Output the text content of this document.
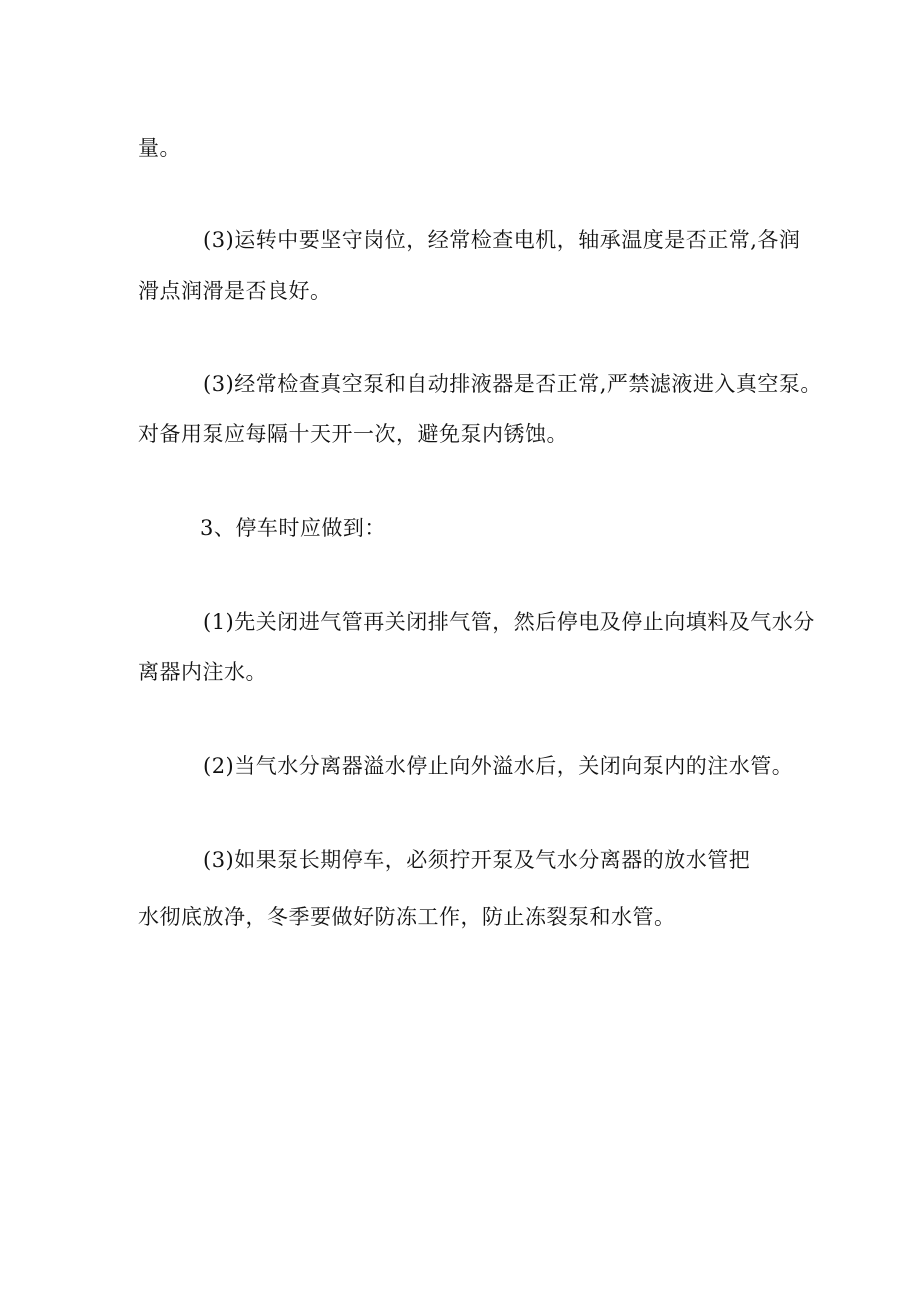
量。
(3)运转中要坚守岗位，经常检查电机，轴承温度是否正常,各润
滑点润滑是否良好。
(3)经常检查真空泵和自动排液器是否正常,严禁滤液进入真空泵。
对备用泵应每隔十天开一次，避免泵内锈蚀。
3、停车时应做到：
(1)先关闭进气管再关闭排气管，然后停电及停止向填料及气水分
离器内注水。
(2)当气水分离器溢水停止向外溢水后，关闭向泵内的注水管。
(3)如果泵长期停车，必须拧开泵及气水分离器的放水管把
水彻底放净，冬季要做好防冻工作，防止冻裂泵和水管。
